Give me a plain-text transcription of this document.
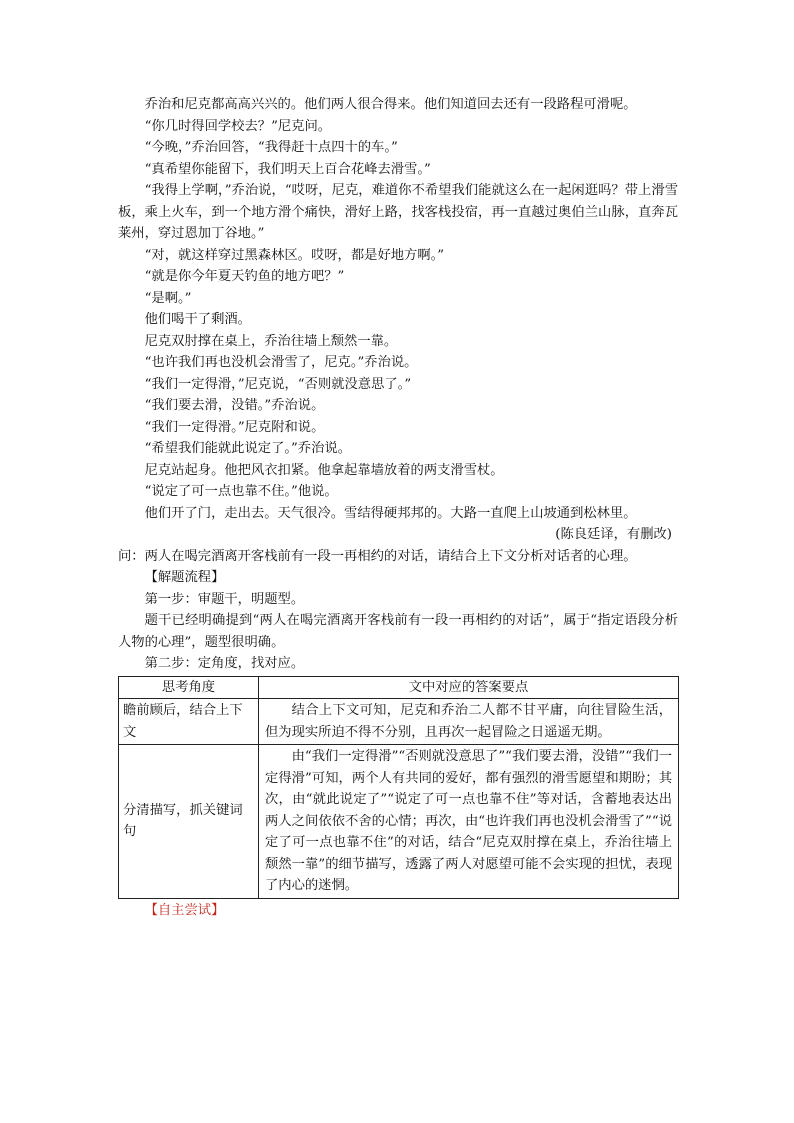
乔治和尼克都高高兴兴的。他们两人很合得来。他们知道回去还有一段路程可滑呢。

“你几时得回学校去？”尼克问。

“今晚，”乔治回答，“我得赶十点四十的车。”

“真希望你能留下，我们明天上百合花峰去滑雪。”

“我得上学啊，”乔治说，“哎呀，尼克，难道你不希望我们能就这么在一起闲逛吗？带上滑雪板，乘上火车，到一个地方滑个痛快，滑好上路，找客栈投宿，再一直越过奥伯兰山脉，直奔瓦莱州，穿过恩加丁谷地。”

“对，就这样穿过黑森林区。哎呀，都是好地方啊。”

“就是你今年夏天钓鱼的地方吧？”

“是啊。”

他们喝干了剩酒。

尼克双肘撑在桌上，乔治往墙上颓然一靠。

“也许我们再也没机会滑雪了，尼克。”乔治说。

“我们一定得滑，”尼克说，“否则就没意思了。”

“我们要去滑，没错。”乔治说。

“我们一定得滑。”尼克附和说。

“希望我们能就此说定了。”乔治说。

尼克站起身。他把风衣扣紧。他拿起靠墙放着的两支滑雪杖。

“说定了可一点也靠不住。”他说。

他们开了门，走出去。天气很冷。雪结得硬邦邦的。大路一直爬上山坡通到松林里。

(陈良廷译，有删改)

问：两人在喝完酒离开客栈前有一段一再相约的对话，请结合上下文分析对话者的心理。

【解题流程】

第一步：审题干，明题型。

题干已经明确提到“两人在喝完酒离开客栈前有一段一再相约的对话”，属于“指定语段分析人物的心理”，题型很明确。

第二步：定角度，找对应。

思考角度	文中对应的答案要点
瞻前顾后，结合上下文	结合上下文可知，尼克和乔治二人都不甘平庸，向往冒险生活，但为现实所迫不得不分别，且再次一起冒险之日遥遥无期。
分清描写，抓关键词句	由“我们一定得滑”“否则就没意思了”“我们要去滑，没错”“我们一定得滑”可知，两个人有共同的爱好，都有强烈的滑雪愿望和期盼；其次，由“就此说定了”“说定了可一点也靠不住”等对话，含蓄地表达出两人之间依依不舍的心情；再次，由“也许我们再也没机会滑雪了”“说定了可一点也靠不住”的对话，结合“尼克双肘撑在桌上，乔治往墙上颓然一靠”的细节描写，透露了两人对愿望可能不会实现的担忧，表现了内心的迷惘。

【自主尝试】
